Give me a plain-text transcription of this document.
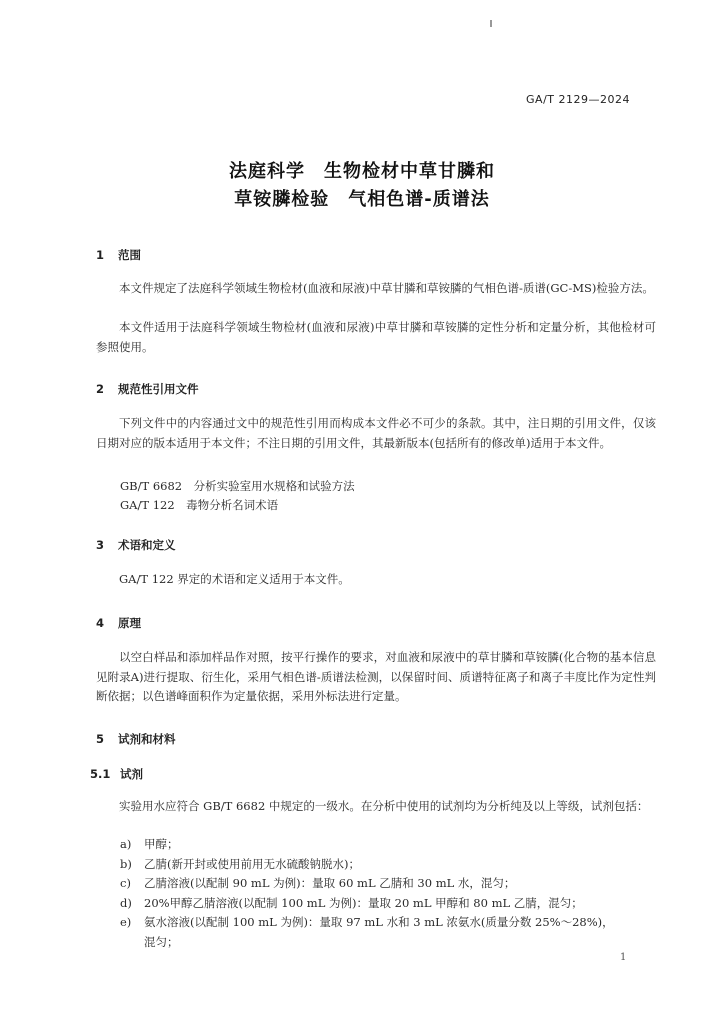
GA/T 2129—2024
法庭科学　生物检材中草甘膦和
草铵膦检验　气相色谱-质谱法
1 范围
本文件规定了法庭科学领域生物检材(血液和尿液)中草甘膦和草铵膦的气相色谱-质谱(GC-MS)检验方法。
本文件适用于法庭科学领域生物检材(血液和尿液)中草甘膦和草铵膦的定性分析和定量分析，其他检材可参照使用。
2 规范性引用文件
下列文件中的内容通过文中的规范性引用而构成本文件必不可少的条款。其中，注日期的引用文件，仅该日期对应的版本适用于本文件；不注日期的引用文件，其最新版本(包括所有的修改单)适用于本文件。
GB/T 6682　分析实验室用水规格和试验方法
GA/T 122　毒物分析名词术语
3 术语和定义
GA/T 122 界定的术语和定义适用于本文件。
4 原理
以空白样品和添加样品作对照，按平行操作的要求，对血液和尿液中的草甘膦和草铵膦(化合物的基本信息见附录A)进行提取、衍生化，采用气相色谱-质谱法检测，以保留时间、质谱特征离子和离子丰度比作为定性判断依据；以色谱峰面积作为定量依据，采用外标法进行定量。
5 试剂和材料
5.1 试剂
实验用水应符合 GB/T 6682 中规定的一级水。在分析中使用的试剂均为分析纯及以上等级，试剂包括：
a) 甲醇；
b) 乙腈(新开封或使用前用无水硫酸钠脱水)；
c) 乙腈溶液(以配制 90 mL 为例)：量取 60 mL 乙腈和 30 mL 水，混匀；
d) 20%甲醇乙腈溶液(以配制 100 mL 为例)：量取 20 mL 甲醇和 80 mL 乙腈，混匀；
e) 氨水溶液(以配制 100 mL 为例)：量取 97 mL 水和 3 mL 浓氨水(质量分数 25%～28%)，
混匀；
1
